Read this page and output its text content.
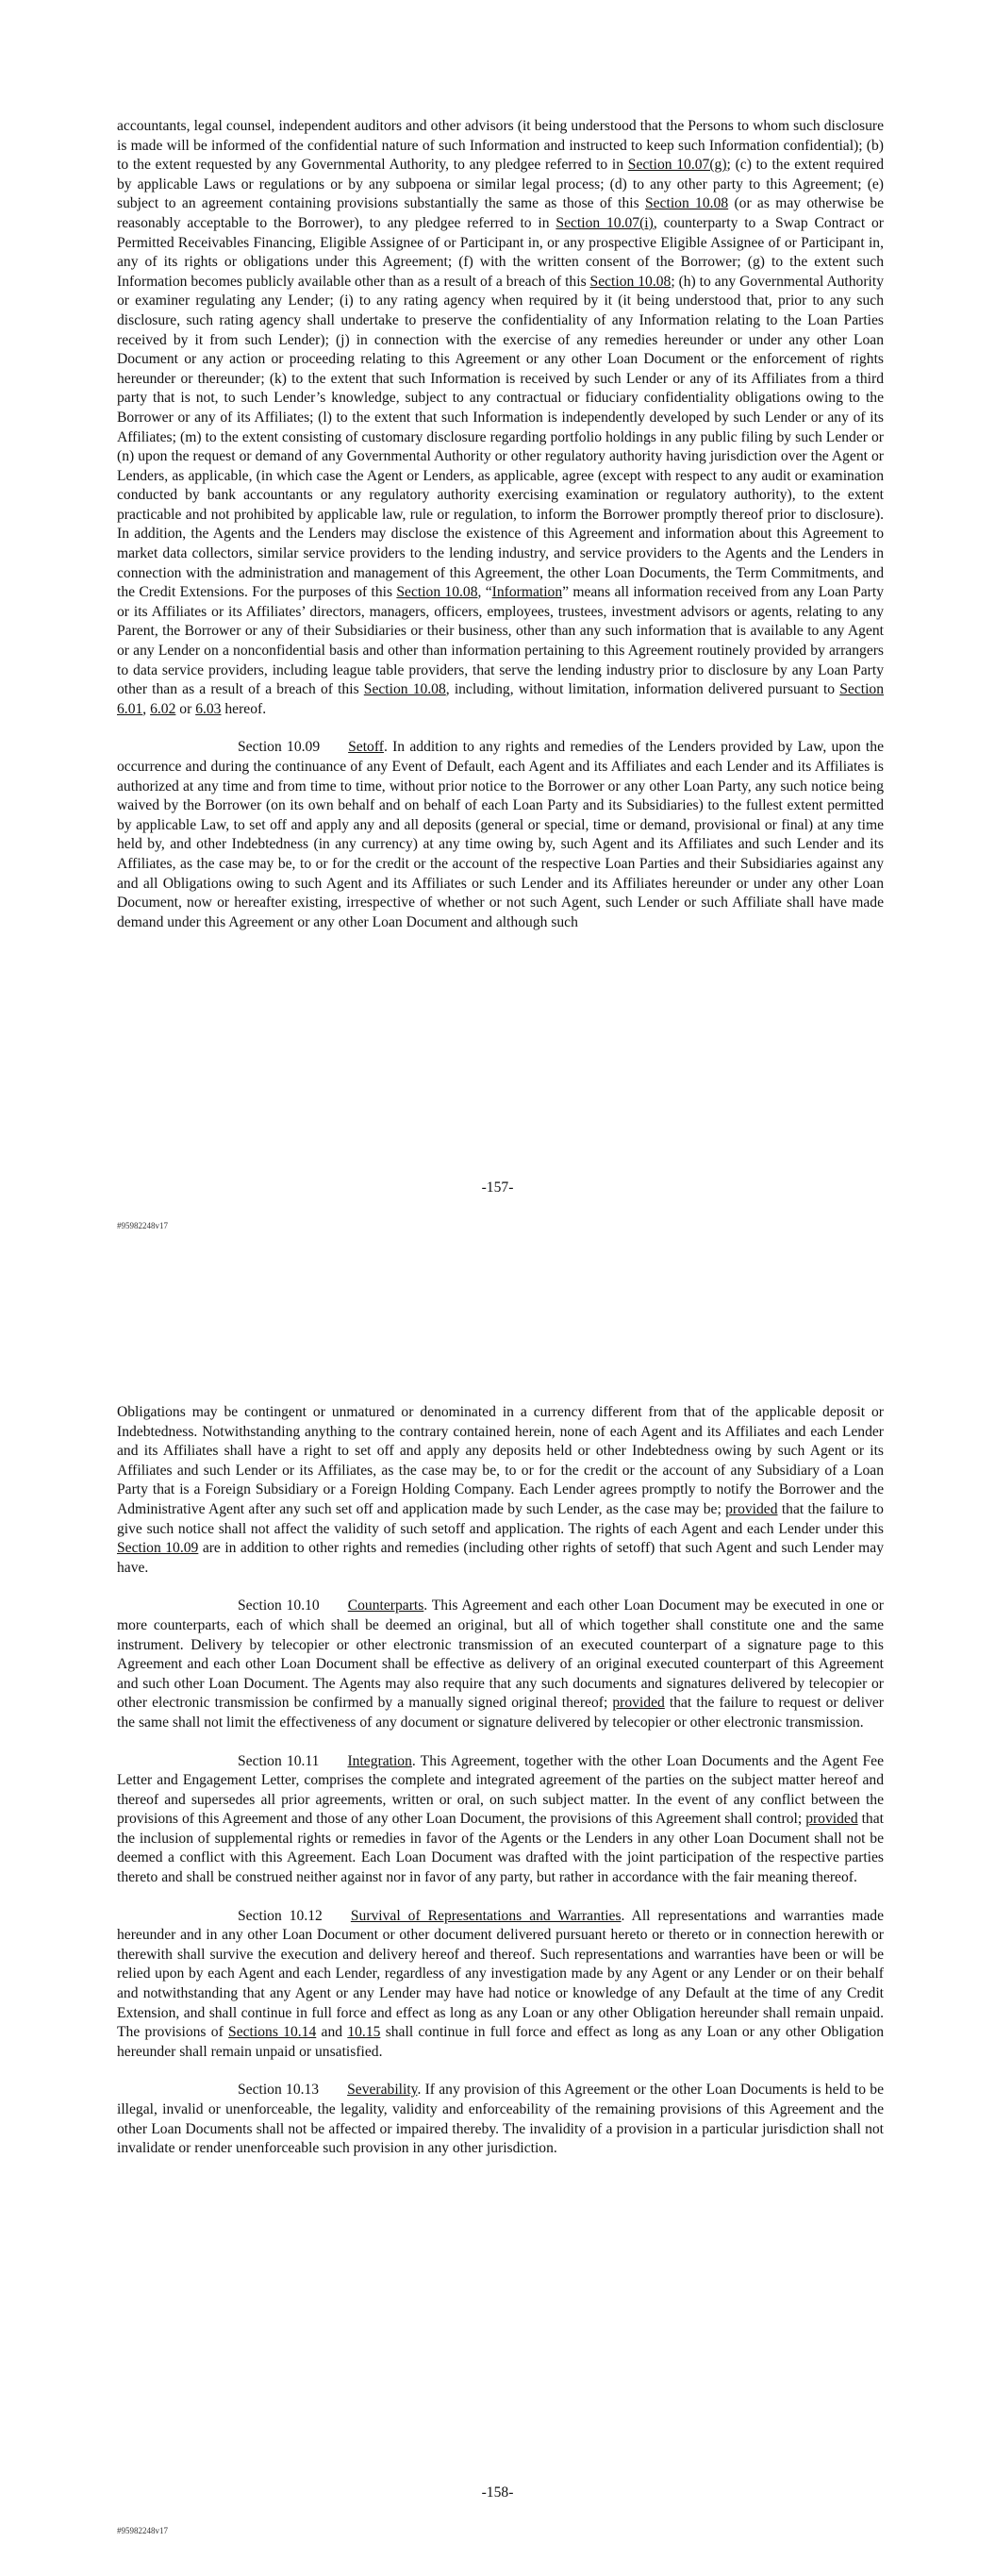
accountants, legal counsel, independent auditors and other advisors (it being understood that the Persons to whom such disclosure is made will be informed of the confidential nature of such Information and instructed to keep such Information confidential); (b) to the extent requested by any Governmental Authority, to any pledgee referred to in Section 10.07(g); (c) to the extent required by applicable Laws or regulations or by any subpoena or similar legal process; (d) to any other party to this Agreement; (e) subject to an agreement containing provisions substantially the same as those of this Section 10.08 (or as may otherwise be reasonably acceptable to the Borrower), to any pledgee referred to in Section 10.07(i), counterparty to a Swap Contract or Permitted Receivables Financing, Eligible Assignee of or Participant in, or any prospective Eligible Assignee of or Participant in, any of its rights or obligations under this Agreement; (f) with the written consent of the Borrower; (g) to the extent such Information becomes publicly available other than as a result of a breach of this Section 10.08; (h) to any Governmental Authority or examiner regulating any Lender; (i) to any rating agency when required by it (it being understood that, prior to any such disclosure, such rating agency shall undertake to preserve the confidentiality of any Information relating to the Loan Parties received by it from such Lender); (j) in connection with the exercise of any remedies hereunder or under any other Loan Document or any action or proceeding relating to this Agreement or any other Loan Document or the enforcement of rights hereunder or thereunder; (k) to the extent that such Information is received by such Lender or any of its Affiliates from a third party that is not, to such Lender’s knowledge, subject to any contractual or fiduciary confidentiality obligations owing to the Borrower or any of its Affiliates; (l) to the extent that such Information is independently developed by such Lender or any of its Affiliates; (m) to the extent consisting of customary disclosure regarding portfolio holdings in any public filing by such Lender or (n) upon the request or demand of any Governmental Authority or other regulatory authority having jurisdiction over the Agent or Lenders, as applicable, (in which case the Agent or Lenders, as applicable, agree (except with respect to any audit or examination conducted by bank accountants or any regulatory authority exercising examination or regulatory authority), to the extent practicable and not prohibited by applicable law, rule or regulation, to inform the Borrower promptly thereof prior to disclosure). In addition, the Agents and the Lenders may disclose the existence of this Agreement and information about this Agreement to market data collectors, similar service providers to the lending industry, and service providers to the Agents and the Lenders in connection with the administration and management of this Agreement, the other Loan Documents, the Term Commitments, and the Credit Extensions. For the purposes of this Section 10.08, “Information” means all information received from any Loan Party or its Affiliates or its Affiliates’ directors, managers, officers, employees, trustees, investment advisors or agents, relating to any Parent, the Borrower or any of their Subsidiaries or their business, other than any such information that is available to any Agent or any Lender on a nonconfidential basis and other than information pertaining to this Agreement routinely provided by arrangers to data service providers, including league table providers, that serve the lending industry prior to disclosure by any Loan Party other than as a result of a breach of this Section 10.08, including, without limitation, information delivered pursuant to Section 6.01, 6.02 or 6.03 hereof.

Section 10.09 Setoff. In addition to any rights and remedies of the Lenders provided by Law, upon the occurrence and during the continuance of any Event of Default, each Agent and its Affiliates and each Lender and its Affiliates is authorized at any time and from time to time, without prior notice to the Borrower or any other Loan Party, any such notice being waived by the Borrower (on its own behalf and on behalf of each Loan Party and its Subsidiaries) to the fullest extent permitted by applicable Law, to set off and apply any and all deposits (general or special, time or demand, provisional or final) at any time held by, and other Indebtedness (in any currency) at any time owing by, such Agent and its Affiliates and such Lender and its Affiliates, as the case may be, to or for the credit or the account of the respective Loan Parties and their Subsidiaries against any and all Obligations owing to such Agent and its Affiliates or such Lender and its Affiliates hereunder or under any other Loan Document, now or hereafter existing, irrespective of whether or not such Agent, such Lender or such Affiliate shall have made demand under this Agreement or any other Loan Document and although such

-157-
#95982248v17

Obligations may be contingent or unmatured or denominated in a currency different from that of the applicable deposit or Indebtedness. Notwithstanding anything to the contrary contained herein, none of each Agent and its Affiliates and each Lender and its Affiliates shall have a right to set off and apply any deposits held or other Indebtedness owing by such Agent or its Affiliates and such Lender or its Affiliates, as the case may be, to or for the credit or the account of any Subsidiary of a Loan Party that is a Foreign Subsidiary or a Foreign Holding Company. Each Lender agrees promptly to notify the Borrower and the Administrative Agent after any such set off and application made by such Lender, as the case may be; provided that the failure to give such notice shall not affect the validity of such setoff and application. The rights of each Agent and each Lender under this Section 10.09 are in addition to other rights and remedies (including other rights of setoff) that such Agent and such Lender may have.

Section 10.10 Counterparts. This Agreement and each other Loan Document may be executed in one or more counterparts, each of which shall be deemed an original, but all of which together shall constitute one and the same instrument. Delivery by telecopier or other electronic transmission of an executed counterpart of a signature page to this Agreement and each other Loan Document shall be effective as delivery of an original executed counterpart of this Agreement and such other Loan Document. The Agents may also require that any such documents and signatures delivered by telecopier or other electronic transmission be confirmed by a manually signed original thereof; provided that the failure to request or deliver the same shall not limit the effectiveness of any document or signature delivered by telecopier or other electronic transmission.

Section 10.11 Integration. This Agreement, together with the other Loan Documents and the Agent Fee Letter and Engagement Letter, comprises the complete and integrated agreement of the parties on the subject matter hereof and thereof and supersedes all prior agreements, written or oral, on such subject matter. In the event of any conflict between the provisions of this Agreement and those of any other Loan Document, the provisions of this Agreement shall control; provided that the inclusion of supplemental rights or remedies in favor of the Agents or the Lenders in any other Loan Document shall not be deemed a conflict with this Agreement. Each Loan Document was drafted with the joint participation of the respective parties thereto and shall be construed neither against nor in favor of any party, but rather in accordance with the fair meaning thereof.

Section 10.12 Survival of Representations and Warranties. All representations and warranties made hereunder and in any other Loan Document or other document delivered pursuant hereto or thereto or in connection herewith or therewith shall survive the execution and delivery hereof and thereof. Such representations and warranties have been or will be relied upon by each Agent and each Lender, regardless of any investigation made by any Agent or any Lender or on their behalf and notwithstanding that any Agent or any Lender may have had notice or knowledge of any Default at the time of any Credit Extension, and shall continue in full force and effect as long as any Loan or any other Obligation hereunder shall remain unpaid. The provisions of Sections 10.14 and 10.15 shall continue in full force and effect as long as any Loan or any other Obligation hereunder shall remain unpaid or unsatisfied.

Section 10.13 Severability. If any provision of this Agreement or the other Loan Documents is held to be illegal, invalid or unenforceable, the legality, validity and enforceability of the remaining provisions of this Agreement and the other Loan Documents shall not be affected or impaired thereby. The invalidity of a provision in a particular jurisdiction shall not invalidate or render unenforceable such provision in any other jurisdiction.

-158-
#95982248v17
